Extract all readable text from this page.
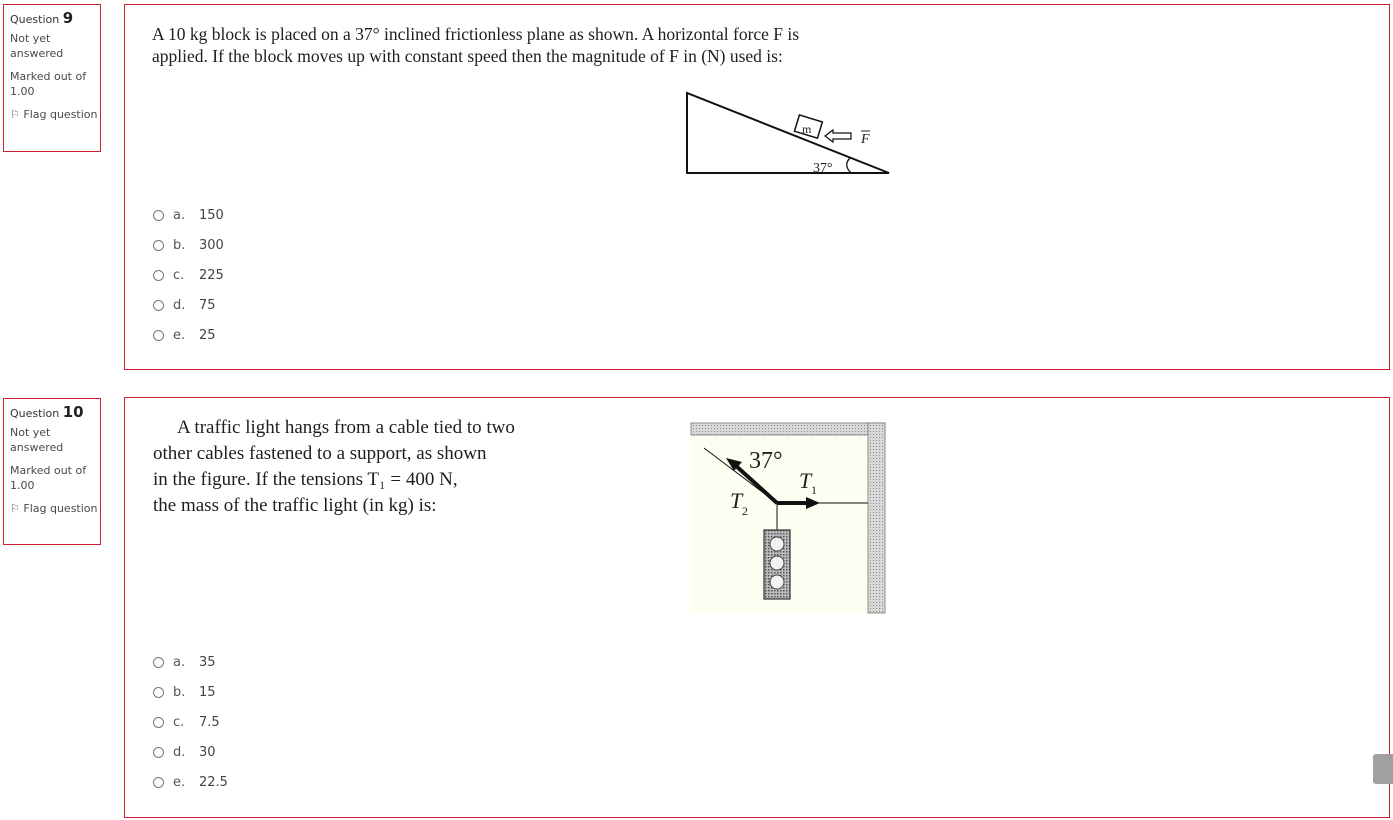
Question 9
Not yet answered
Marked out of 1.00
⚐ Flag question
A 10 kg block is placed on a 37° inclined frictionless plane as shown. A horizontal force F is
applied. If the block moves up with constant speed then the magnitude of F in (N) used is:
m
F
37°
a.	150
b.	300
c.	225
d.	75
e.	25
Question 10
Not yet answered
Marked out of 1.00
⚐ Flag question
A traffic light hangs from a cable tied to two
other cables fastened to a support, as shown
in the figure. If the tensions T₁ = 400 N,
the mass of the traffic light (in kg) is:
37°
T 1
T 2
a.	35
b.	15
c.	7.5
d.	30
e.	22.5
